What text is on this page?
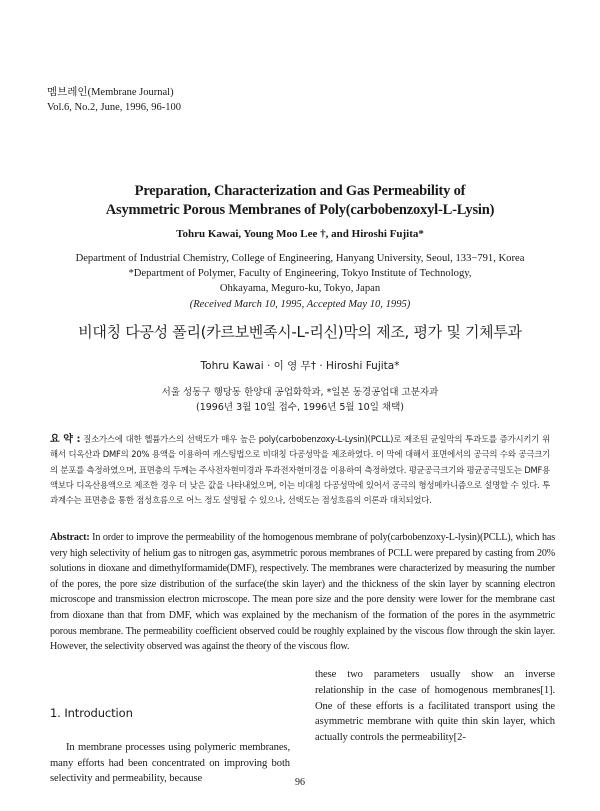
멤브레인(Membrane Journal)
Vol.6, No.2, June, 1996, 96-100
Preparation, Characterization and Gas Permeability of
Asymmetric Porous Membranes of Poly(carbobenzoxyl-L-Lysin)
Tohru Kawai, Young Moo Lee †, and Hiroshi Fujita*
Department of Industrial Chemistry, College of Engineering, Hanyang University, Seoul, 133−791, Korea
*Department of Polymer, Faculty of Engineering, Tokyo Institute of Technology,
Ohkayama, Meguro-ku, Tokyo, Japan
(Received March 10, 1995, Accepted May 10, 1995)
비대칭 다공성 폴리(카르보벤족시-L-리신)막의 제조, 평가 및 기체투과
Tohru Kawai · 이 영 무† · Hiroshi Fujita*
서울 성동구 행당동 한양대 공업화학과, *일본 동경공업대 고분자과
(1996년 3월 10일 접수, 1996년 5월 10일 채택)
요 약 : 질소가스에 대한 헬륨가스의 선택도가 매우 높은 poly(carbobenzoxy-L-Lysin)(PCLL)로 제조된 균일막의 투과도를 증가시키기 위해서 디옥산과 DMF의 20% 용액을 이용하여 캐스팅법으로 비대칭 다공성막을 제조하였다. 이 막에 대해서 표면에서의 공극의 수와 공극크기의 분포를 측정하였으며, 표면층의 두께는 주사전자현미경과 투과전자현미경을 이용하여 측정하였다. 평균공극크기와 평균공극밀도는 DMF용액보다 디옥산용액으로 제조한 경우 더 낮은 값을 나타내었으며, 이는 비대칭 다공성막에 있어서 공극의 형성메카니즘으로 설명할 수 있다. 투과계수는 표면층을 통한 점성흐름으로 어느 정도 설명될 수 있으나, 선택도는 점성흐름의 이론과 대치되었다.
Abstract: In order to improve the permeability of the homogenous membrane of poly(carbobenzoxy-L-lysin)(PCLL), which has very high selectivity of helium gas to nitrogen gas, asymmetric porous membranes of PCLL were prepared by casting from 20% solutions in dioxane and dimethylformamide(DMF), respectively. The membranes were characterized by measuring the number of the pores, the pore size distribution of the surface(the skin layer) and the thickness of the skin layer by scanning electron microscope and transmission electron microscope. The mean pore size and the pore density were lower for the membrane cast from dioxane than that from DMF, which was explained by the mechanism of the formation of the pores in the asymmetric porous membrane. The permeability coefficient observed could be roughly explained by the viscous flow through the skin layer. However, the selectivity observed was against the theory of the viscous flow.
1. Introduction
In membrane processes using polymeric membranes, many efforts had been concentrated on improving both selectivity and permeability, because
these two parameters usually show an inverse relationship in the case of homogenous membranes[1]. One of these efforts is a facilitated transport using the asymmetric membrane with quite thin skin layer, which actually controls the permeability[2-
96
